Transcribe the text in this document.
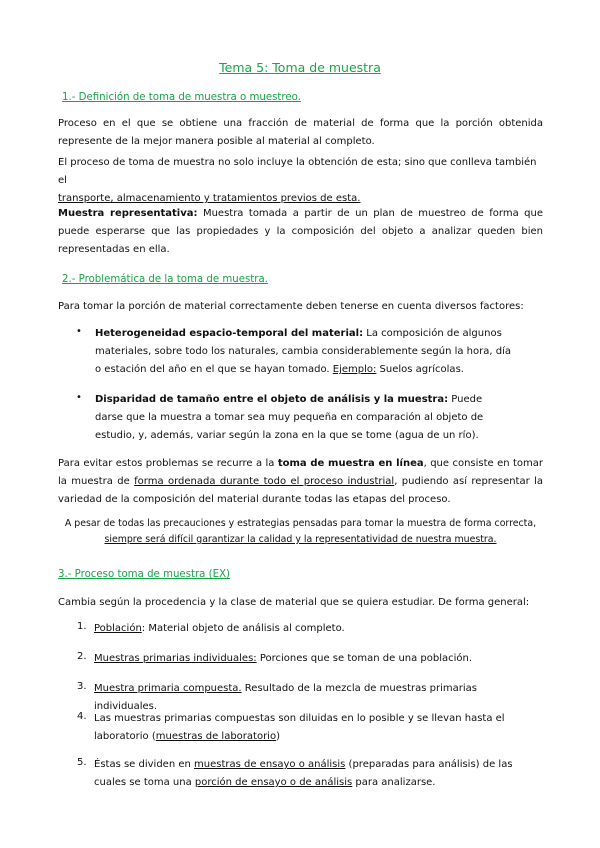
Tema 5: Toma de muestra
1.- Definición de toma de muestra o muestreo.
Proceso en el que se obtiene una fracción de material de forma que la porción obtenida represente de la mejor manera posible al material al completo.
El proceso de toma de muestra no solo incluye la obtención de esta; sino que conlleva también el
transporte, almacenamiento y tratamientos previos de esta.
Muestra representativa: Muestra tomada a partir de un plan de muestreo de forma que puede esperarse que las propiedades y la composición del objeto a analizar queden bien representadas en ella.
2.- Problemática de la toma de muestra.
Para tomar la porción de material correctamente deben tenerse en cuenta diversos factores:
• Heterogeneidad espacio-temporal del material: La composición de algunos materiales, sobre todo los naturales, cambia considerablemente según la hora, día o estación del año en el que se hayan tomado. Ejemplo: Suelos agrícolas.
• Disparidad de tamaño entre el objeto de análisis y la muestra: Puede darse que la muestra a tomar sea muy pequeña en comparación al objeto de estudio, y, además, variar según la zona en la que se tome (agua de un río).
Para evitar estos problemas se recurre a la toma de muestra en línea, que consiste en tomar la muestra de forma ordenada durante todo el proceso industrial, pudiendo así representar la variedad de la composición del material durante todas las etapas del proceso.
A pesar de todas las precauciones y estrategias pensadas para tomar la muestra de forma correcta, siempre será difícil garantizar la calidad y la representatividad de nuestra muestra.
3.- Proceso toma de muestra (EX)
Cambia según la procedencia y la clase de material que se quiera estudiar. De forma general:
1. Población: Material objeto de análisis al completo.
2. Muestras primarias individuales: Porciones que se toman de una población.
3. Muestra primaria compuesta. Resultado de la mezcla de muestras primarias individuales.
4. Las muestras primarias compuestas son diluidas en lo posible y se llevan hasta el laboratorio (muestras de laboratorio)
5. Éstas se dividen en muestras de ensayo o análisis (preparadas para análisis) de las cuales se toma una porción de ensayo o de análisis para analizarse.
